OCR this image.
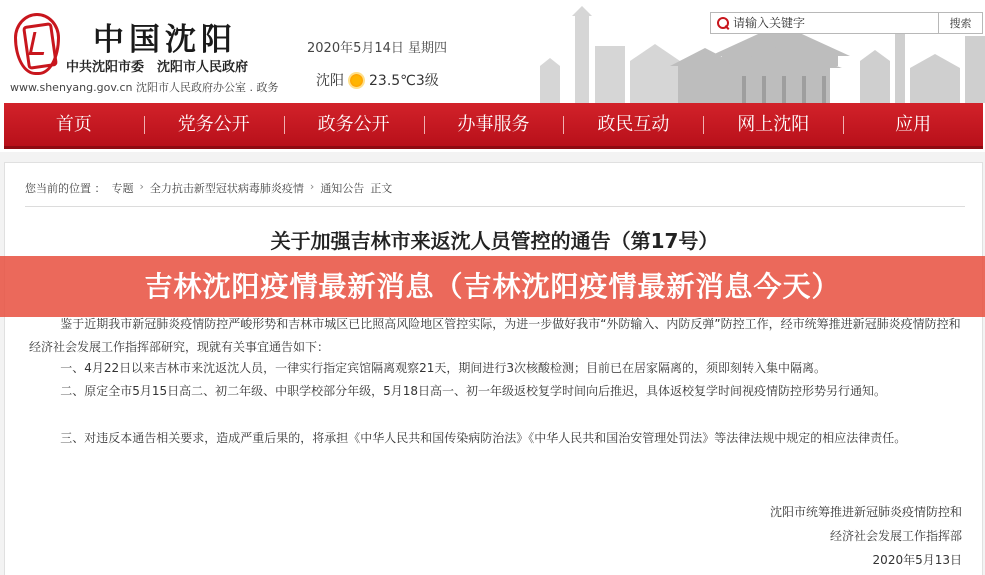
中国沈阳
中共沈阳市委　沈阳市人民政府
www.shenyang.gov.cn 沈阳市人民政府办公室 . 政务
2020年5月14日 星期四
沈阳 23.5℃3级
请输入关键字
搜索
首页	党务公开	政务公开	办事服务	政民互动	网上沈阳	应用
您当前的位置 ： 专题 › 全力抗击新型冠状病毒肺炎疫情 › 通知公告 正文
关于加强吉林市来返沈人员管控的通告（第17号）

鉴于近期我市新冠肺炎疫情防控严峻形势和吉林市城区已比照高风险地区管控实际，为进一步做好我市“外防输入、内防反弹”防控工作，经市统筹推进新冠肺炎疫情防控和经济社会发展工作指挥部研究，现就有关事宜通告如下：

一、4月22日以来吉林市来沈返沈人员，一律实行指定宾馆隔离观察21天，期间进行3次核酸检测；目前已在居家隔离的，须即刻转入集中隔离。

二、原定全市5月15日高二、初二年级、中职学校部分年级，5月18日高一、初一年级返校复学时间向后推迟，具体返校复学时间视疫情防控形势另行通知。

三、对违反本通告相关要求，造成严重后果的，将承担《中华人民共和国传染病防治法》《中华人民共和国治安管理处罚法》等法律法规中规定的相应法律责任。

沈阳市统筹推进新冠肺炎疫情防控和
经济社会发展工作指挥部
2020年5月13日
吉林沈阳疫情最新消息（吉林沈阳疫情最新消息今天）
